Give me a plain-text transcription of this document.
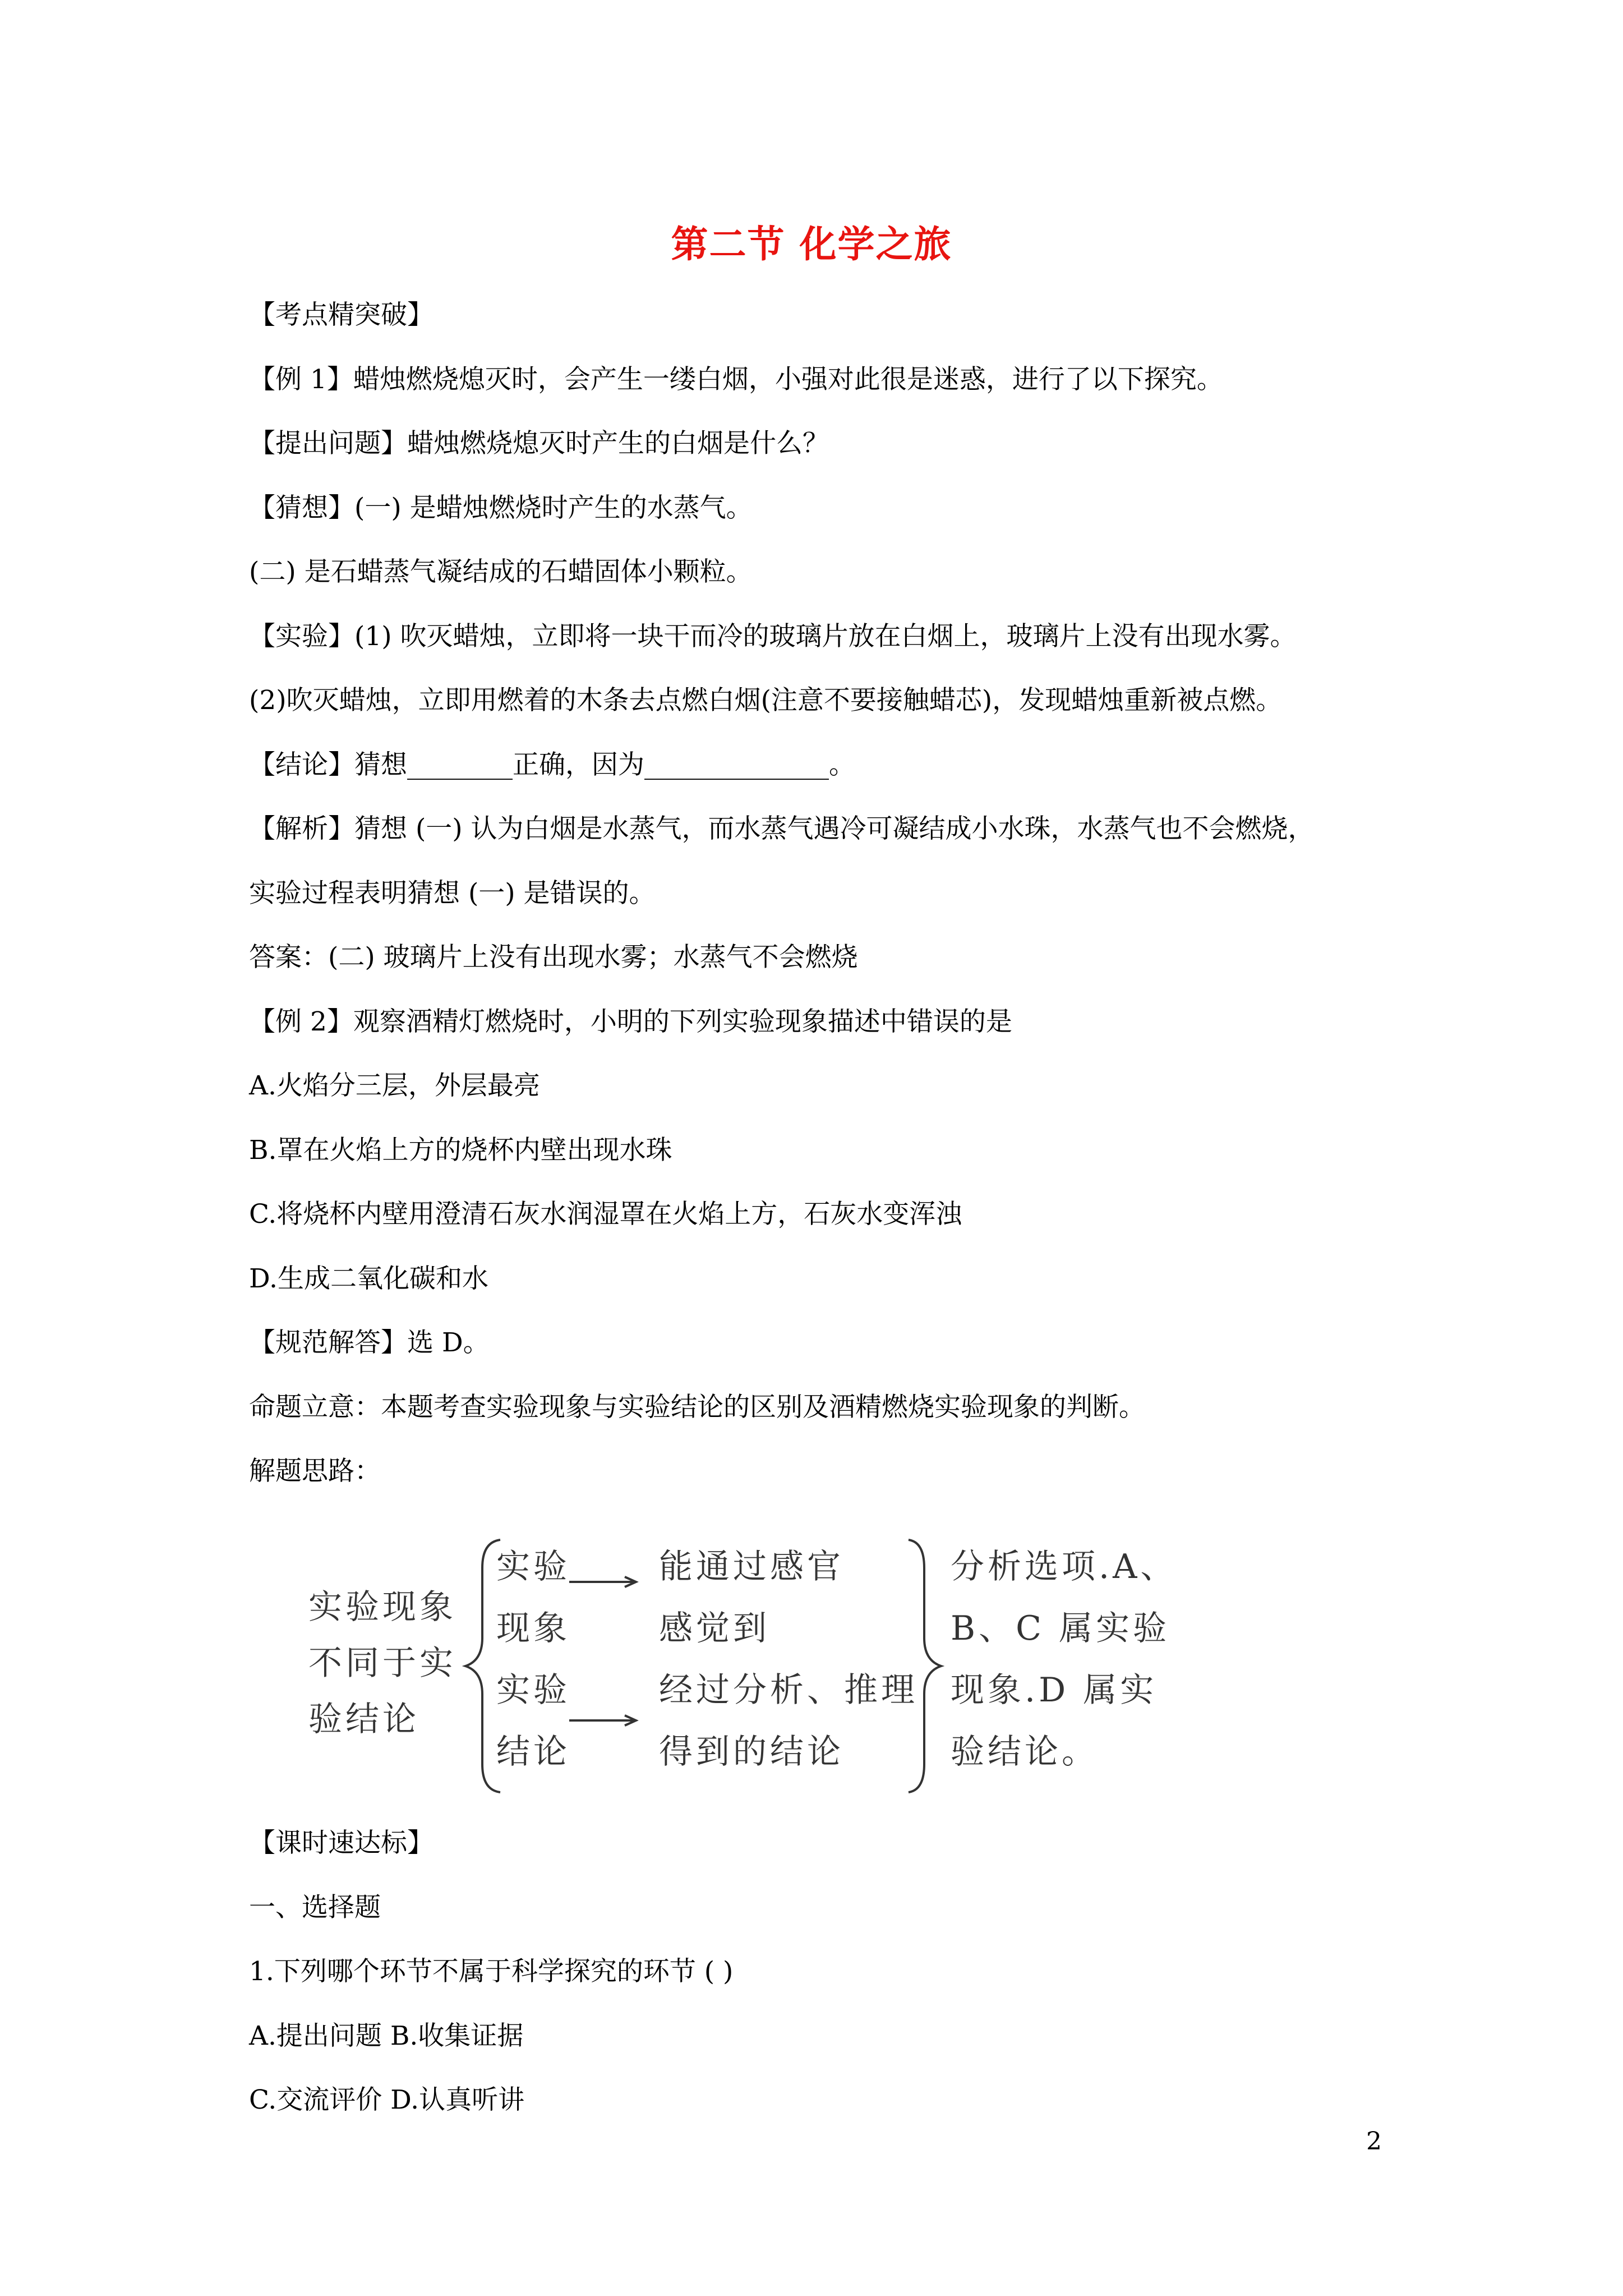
第二节 化学之旅
【考点精突破】
【例 1】蜡烛燃烧熄灭时，会产生一缕白烟，小强对此很是迷惑，进行了以下探究。
【提出问题】蜡烛燃烧熄灭时产生的白烟是什么？
【猜想】(一) 是蜡烛燃烧时产生的水蒸气。
(二) 是石蜡蒸气凝结成的石蜡固体小颗粒。
【实验】(1) 吹灭蜡烛，立即将一块干而冷的玻璃片放在白烟上，玻璃片上没有出现水雾。
(2)吹灭蜡烛，立即用燃着的木条去点燃白烟(注意不要接触蜡芯)，发现蜡烛重新被点燃。
【结论】猜想________正确，因为______________。
【解析】猜想 (一) 认为白烟是水蒸气，而水蒸气遇冷可凝结成小水珠，水蒸气也不会燃烧，
实验过程表明猜想 (一) 是错误的。
答案：(二) 玻璃片上没有出现水雾；水蒸气不会燃烧
【例 2】观察酒精灯燃烧时，小明的下列实验现象描述中错误的是
A.火焰分三层，外层最亮
B.罩在火焰上方的烧杯内壁出现水珠
C.将烧杯内壁用澄清石灰水润湿罩在火焰上方，石灰水变浑浊
D.生成二氧化碳和水
【规范解答】选 D。
命题立意：本题考查实验现象与实验结论的区别及酒精燃烧实验现象的判断。
解题思路：
实验现象
不同于实
验结论
实验
现象
实验
结论
能通过感官
感觉到
经过分析、推理
得到的结论
分析选项.A、
B、C 属实验
现象.D 属实
验结论。
【课时速达标】
一、选择题
1.下列哪个环节不属于科学探究的环节 ( )
A.提出问题 B.收集证据
C.交流评价 D.认真听讲
2
